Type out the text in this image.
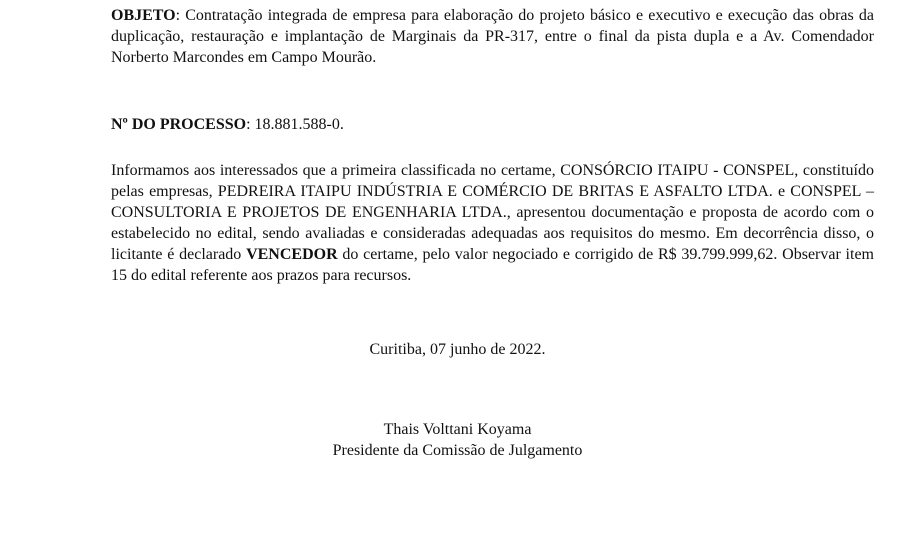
OBJETO: Contratação integrada de empresa para elaboração do projeto básico e executivo e execução das obras da duplicação, restauração e implantação de Marginais da PR-317, entre o final da pista dupla e a Av. Comendador Norberto Marcondes em Campo Mourão.

Nº DO PROCESSO: 18.881.588-0.

Informamos aos interessados que a primeira classificada no certame, CONSÓRCIO ITAIPU - CONSPEL, constituído pelas empresas, PEDREIRA ITAIPU INDÚSTRIA E COMÉRCIO DE BRITAS E ASFALTO LTDA. e CONSPEL – CONSULTORIA E PROJETOS DE ENGENHARIA LTDA., apresentou documentação e proposta de acordo com o estabelecido no edital, sendo avaliadas e consideradas adequadas aos requisitos do mesmo. Em decorrência disso, o licitante é declarado VENCEDOR do certame, pelo valor negociado e corrigido de R$ 39.799.999,62. Observar item 15 do edital referente aos prazos para recursos.

Curitiba, 07 junho de 2022.

Thais Volttani Koyama
Presidente da Comissão de Julgamento
